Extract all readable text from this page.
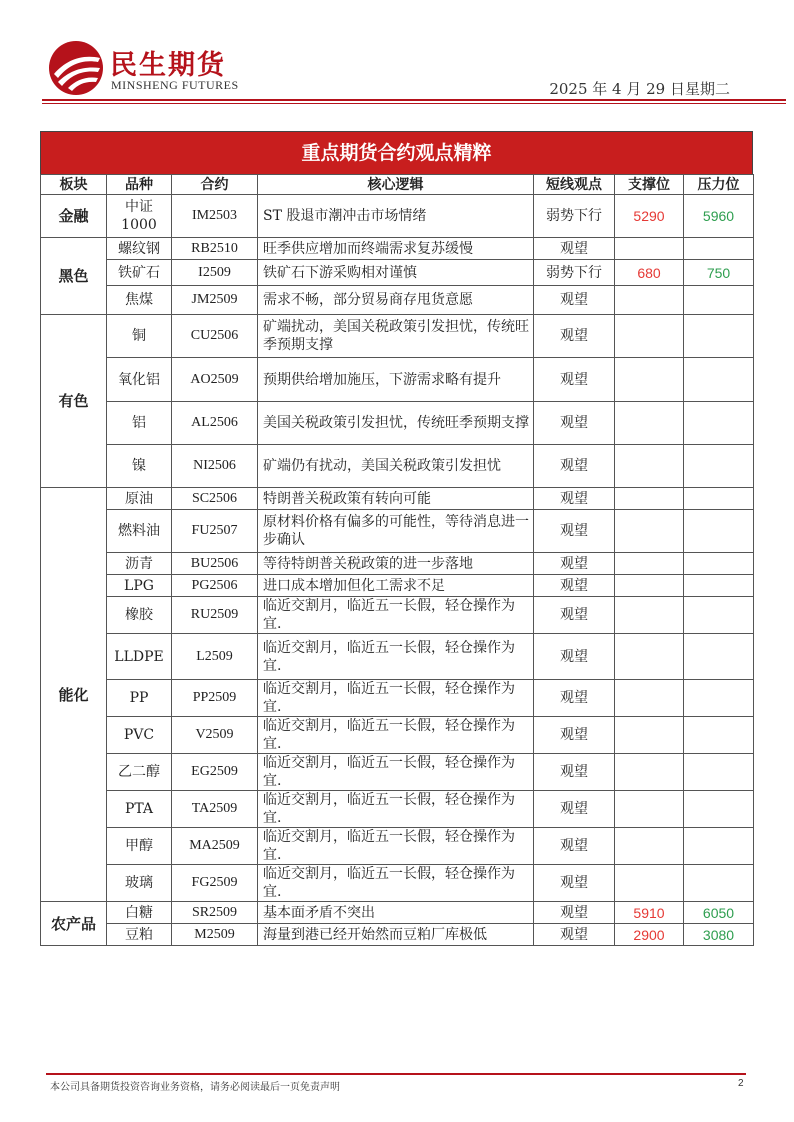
民生期货
MINSHENG FUTURES	2025 年 4 月 29 日星期二
重点期货合约观点精粹
板块	品种	合约	核心逻辑	短线观点	支撑位	压力位
金融	中证1000	IM2503	ST 股退市潮冲击市场情绪	弱势下行	5290	5960
黑色	螺纹钢	RB2510	旺季供应增加而终端需求复苏缓慢	观望		
	铁矿石	I2509	铁矿石下游采购相对谨慎	弱势下行	680	750
	焦煤	JM2509	需求不畅，部分贸易商存甩货意愿	观望		
有色	铜	CU2506	矿端扰动，美国关税政策引发担忧，传统旺季预期支撑	观望		
	氧化铝	AO2509	预期供给增加施压，下游需求略有提升	观望		
	铝	AL2506	美国关税政策引发担忧，传统旺季预期支撑	观望		
	镍	NI2506	矿端仍有扰动，美国关税政策引发担忧	观望		
能化	原油	SC2506	特朗普关税政策有转向可能	观望		
	燃料油	FU2507	原材料价格有偏多的可能性，等待消息进一步确认	观望		
	沥青	BU2506	等待特朗普关税政策的进一步落地	观望		
	LPG	PG2506	进口成本增加但化工需求不足	观望		
	橡胶	RU2509	临近交割月，临近五一长假，轻仓操作为宜.	观望		
	LLDPE	L2509	临近交割月，临近五一长假，轻仓操作为宜.	观望		
	PP	PP2509	临近交割月，临近五一长假，轻仓操作为宜.	观望		
	PVC	V2509	临近交割月，临近五一长假，轻仓操作为宜.	观望		
	乙二醇	EG2509	临近交割月，临近五一长假，轻仓操作为宜.	观望		
	PTA	TA2509	临近交割月，临近五一长假，轻仓操作为宜.	观望		
	甲醇	MA2509	临近交割月，临近五一长假，轻仓操作为宜.	观望		
	玻璃	FG2509	临近交割月，临近五一长假，轻仓操作为宜.	观望		
农产品	白糖	SR2509	基本面矛盾不突出	观望	5910	6050
	豆粕	M2509	海量到港已经开始然而豆粕厂库极低	观望	2900	3080
本公司具备期货投资咨询业务资格，请务必阅读最后一页免责声明	2
